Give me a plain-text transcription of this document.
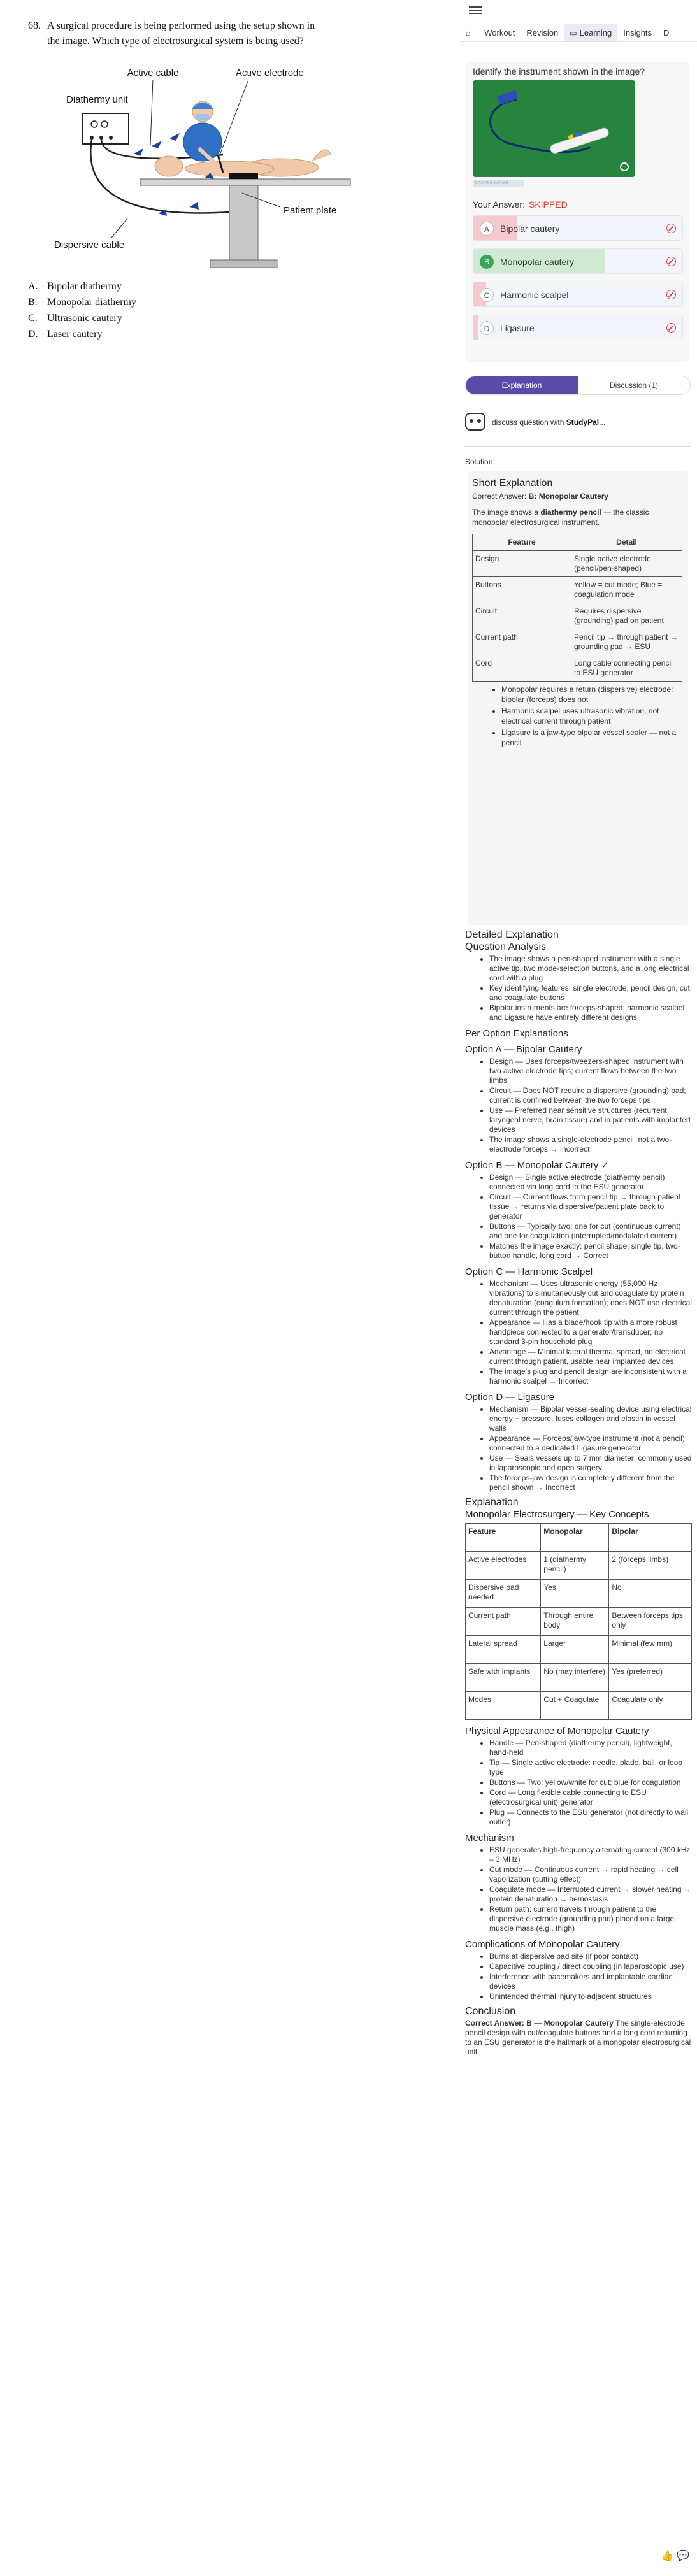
68. A surgical procedure is being performed using the setup shown in the image. Which type of electrosurgical system is being used?
Active cable	Active electrode
Diathermy unit
Patient plate
Dispersive cable
A. Bipolar diathermy
B. Monopolar diathermy
C. Ultrasonic cautery
D. Laser cautery
⌂ Workout Revision ▭ Learning Insights D
Identify the instrument shown in the image?
SAMPLE IMAGE
Your Answer: SKIPPED
A	Bipolar cautery
B	Monopolar cautery
C	Harmonic scalpel
D	Ligasure
Explanation	Discussion (1)
discuss question with StudyPal...
Solution:
Short Explanation
Correct Answer: B: Monopolar Cautery

The image shows a diathermy pencil — the classic monopolar electrosurgical instrument.

Feature	Detail
Design	Single active electrode (pencil/pen-shaped)
Buttons	Yellow = cut mode; Blue = coagulation mode
Circuit	Requires dispersive (grounding) pad on patient
Current path	Pencil tip → through patient → grounding pad → ESU
Cord	Long cable connecting pencil to ESU generator
• Monopolar requires a return (dispersive) electrode; bipolar (forceps) does not
• Harmonic scalpel uses ultrasonic vibration, not electrical current through patient
• Ligasure is a jaw-type bipolar vessel sealer — not a pencil
Detailed Explanation
Question Analysis
• The image shows a pen-shaped instrument with a single active tip, two mode-selection buttons, and a long electrical cord with a plug
• Key identifying features: single electrode, pencil design, cut and coagulate buttons
• Bipolar instruments are forceps-shaped; harmonic scalpel and Ligasure have entirely different designs
Per Option Explanations
Option A — Bipolar Cautery
• Design — Uses forceps/tweezers-shaped instrument with two active electrode tips; current flows between the two limbs
• Circuit — Does NOT require a dispersive (grounding) pad; current is confined between the two forceps tips
• Use — Preferred near sensitive structures (recurrent laryngeal nerve, brain tissue) and in patients with implanted devices
• The image shows a single-electrode pencil, not a two-electrode forceps → Incorrect
Option B — Monopolar Cautery ✓
• Design — Single active electrode (diathermy pencil) connected via long cord to the ESU generator
• Circuit — Current flows from pencil tip → through patient tissue → returns via dispersive/patient plate back to generator
• Buttons — Typically two: one for cut (continuous current) and one for coagulation (interrupted/modulated current)
• Matches the image exactly: pencil shape, single tip, two-button handle, long cord → Correct
Option C — Harmonic Scalpel
• Mechanism — Uses ultrasonic energy (55,000 Hz vibrations) to simultaneously cut and coagulate by protein denaturation (coagulum formation); does NOT use electrical current through the patient
• Appearance — Has a blade/hook tip with a more robust handpiece connected to a generator/transducer; no standard 3-pin household plug
• Advantage — Minimal lateral thermal spread, no electrical current through patient, usable near implanted devices
• The image's plug and pencil design are inconsistent with a harmonic scalpel → Incorrect
Option D — Ligasure
• Mechanism — Bipolar vessel-sealing device using electrical energy + pressure; fuses collagen and elastin in vessel walls
• Appearance — Forceps/jaw-type instrument (not a pencil); connected to a dedicated Ligasure generator
• Use — Seals vessels up to 7 mm diameter; commonly used in laparoscopic and open surgery
• The forceps-jaw design is completely different from the pencil shown → Incorrect
Explanation
Monopolar Electrosurgery — Key Concepts
Feature	Monopolar	Bipolar
Active electrodes	1 (diathermy pencil)	2 (forceps limbs)
Dispersive pad needed	Yes	No
Current path	Through entire body	Between forceps tips only
Lateral spread	Larger	Minimal (few mm)
Safe with implants	No (may interfere)	Yes (preferred)
Modes	Cut + Coagulate	Coagulate only
Physical Appearance of Monopolar Cautery
• Handle — Pen-shaped (diathermy pencil), lightweight, hand-held
• Tip — Single active electrode: needle, blade, ball, or loop type
• Buttons — Two: yellow/white for cut; blue for coagulation
• Cord — Long flexible cable connecting to ESU (electrosurgical unit) generator
• Plug — Connects to the ESU generator (not directly to wall outlet)
Mechanism
• ESU generates high-frequency alternating current (300 kHz – 3 MHz)
• Cut mode — Continuous current → rapid heating → cell vaporization (cutting effect)
• Coagulate mode — Interrupted current → slower heating → protein denaturation → hemostasis
• Return path: current travels through patient to the dispersive electrode (grounding pad) placed on a large muscle mass (e.g., thigh)
Complications of Monopolar Cautery
• Burns at dispersive pad site (if poor contact)
• Capacitive coupling / direct coupling (in laparoscopic use)
• Interference with pacemakers and implantable cardiac devices
• Unintended thermal injury to adjacent structures
Conclusion

Correct Answer: B — Monopolar Cautery The single-electrode pencil design with cut/coagulate buttons and a long cord returning to an ESU generator is the hallmark of a monopolar electrosurgical unit.

👍 💬
